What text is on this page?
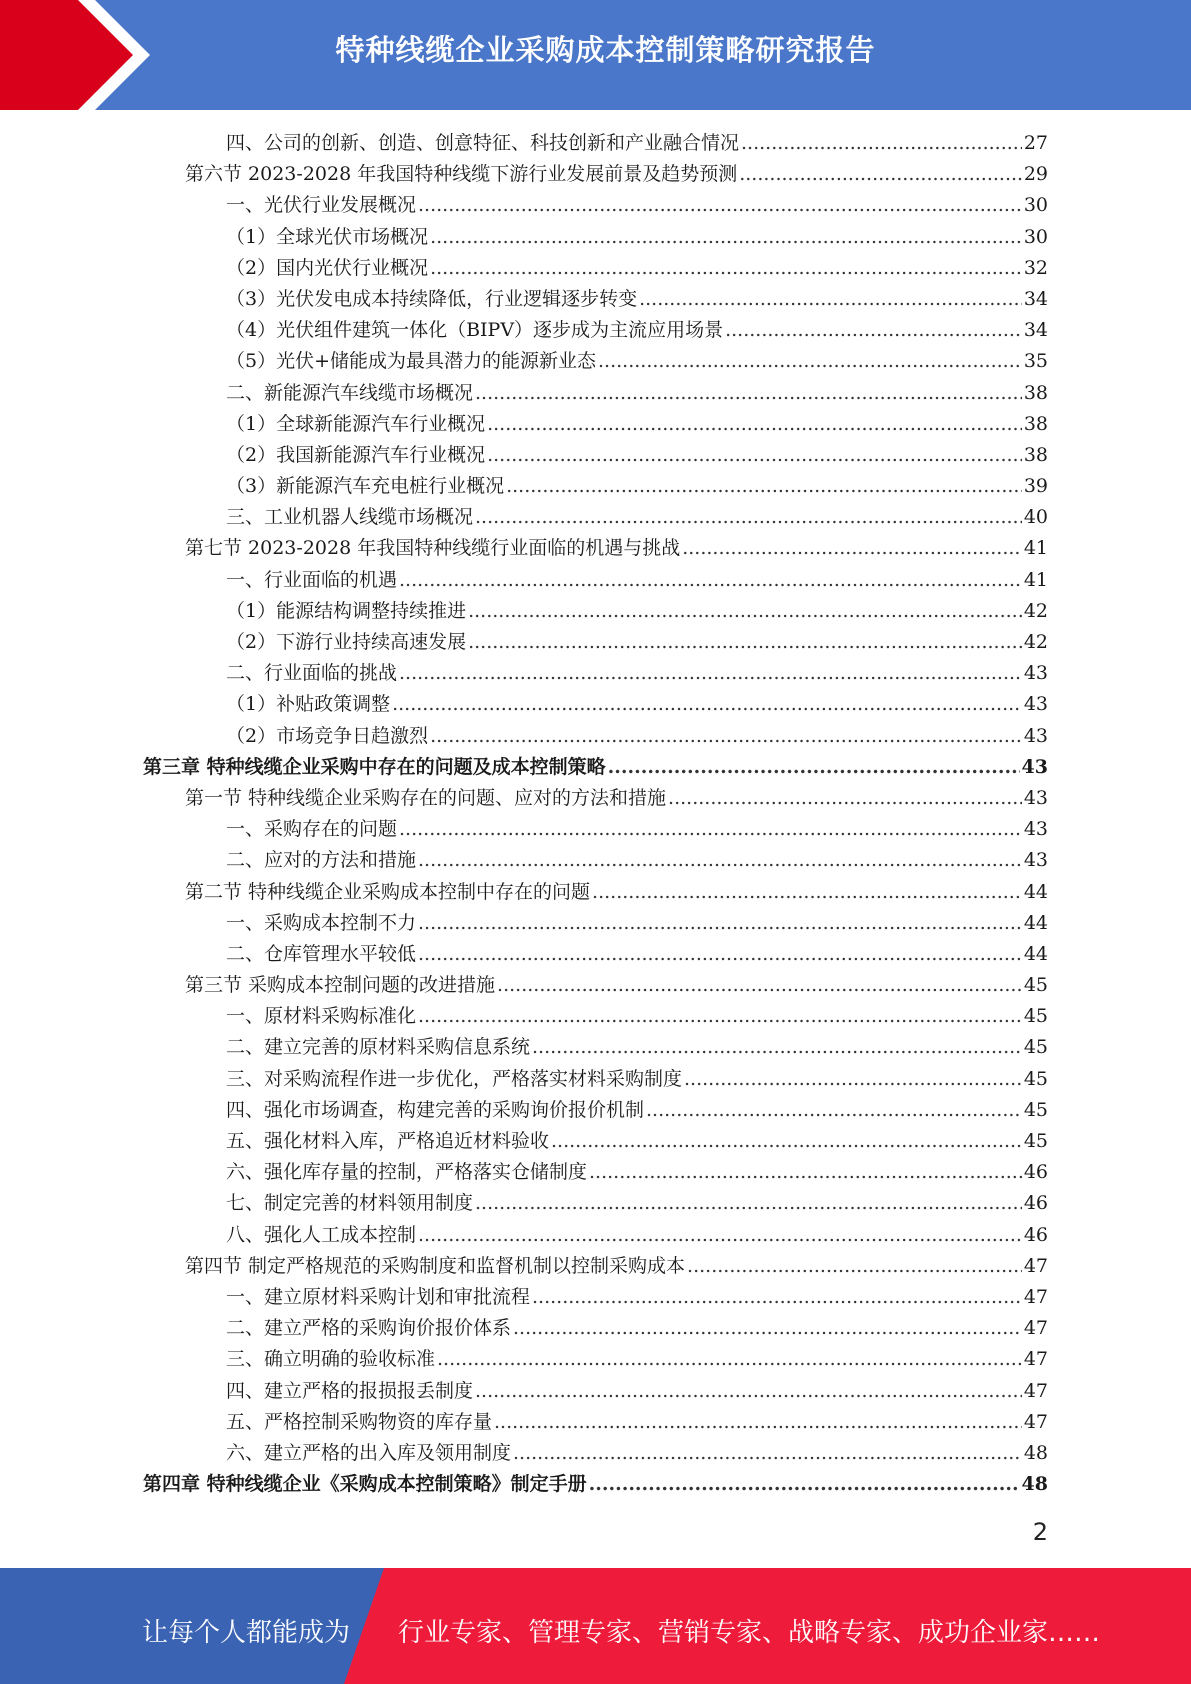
特种线缆企业采购成本控制策略研究报告
四、公司的创新、创造、创意特征、科技创新和产业融合情况 .....	27
第六节 2023-2028 年我国特种线缆下游行业发展前景及趋势预测 .....	29
一、光伏行业发展概况 .....	30
（1）全球光伏市场概况 .....	30
（2）国内光伏行业概况 .....	32
（3）光伏发电成本持续降低，行业逻辑逐步转变 .....	34
（4）光伏组件建筑一体化（BIPV）逐步成为主流应用场景 .....	34
（5）光伏+储能成为最具潜力的能源新业态 .....	35
二、新能源汽车线缆市场概况 .....	38
（1）全球新能源汽车行业概况 .....	38
（2）我国新能源汽车行业概况 .....	38
（3）新能源汽车充电桩行业概况 .....	39
三、工业机器人线缆市场概况 .....	40
第七节 2023-2028 年我国特种线缆行业面临的机遇与挑战 .....	41
一、行业面临的机遇 .....	41
（1）能源结构调整持续推进 .....	42
（2）下游行业持续高速发展 .....	42
二、行业面临的挑战 .....	43
（1）补贴政策调整 .....	43
（2）市场竞争日趋激烈 .....	43
第三章 特种线缆企业采购中存在的问题及成本控制策略 .....	43
第一节 特种线缆企业采购存在的问题、应对的方法和措施 .....	43
一、采购存在的问题 .....	43
二、应对的方法和措施 .....	43
第二节 特种线缆企业采购成本控制中存在的问题 .....	44
一、采购成本控制不力 .....	44
二、仓库管理水平较低 .....	44
第三节 采购成本控制问题的改进措施 .....	45
一、原材料采购标准化 .....	45
二、建立完善的原材料采购信息系统 .....	45
三、对采购流程作进一步优化，严格落实材料采购制度 .....	45
四、强化市场调查，构建完善的采购询价报价机制 .....	45
五、强化材料入库，严格追近材料验收 .....	45
六、强化库存量的控制，严格落实仓储制度 .....	46
七、制定完善的材料领用制度 .....	46
八、强化人工成本控制 .....	46
第四节 制定严格规范的采购制度和监督机制以控制采购成本 .....	47
一、建立原材料采购计划和审批流程 .....	47
二、建立严格的采购询价报价体系 .....	47
三、确立明确的验收标准 .....	47
四、建立严格的报损报丢制度 .....	47
五、严格控制采购物资的库存量 .....	47
六、建立严格的出入库及领用制度 .....	48
第四章 特种线缆企业《采购成本控制策略》制定手册 .....	48
2
让每个人都能成为 行业专家、管理专家、营销专家、战略专家、成功企业家……
